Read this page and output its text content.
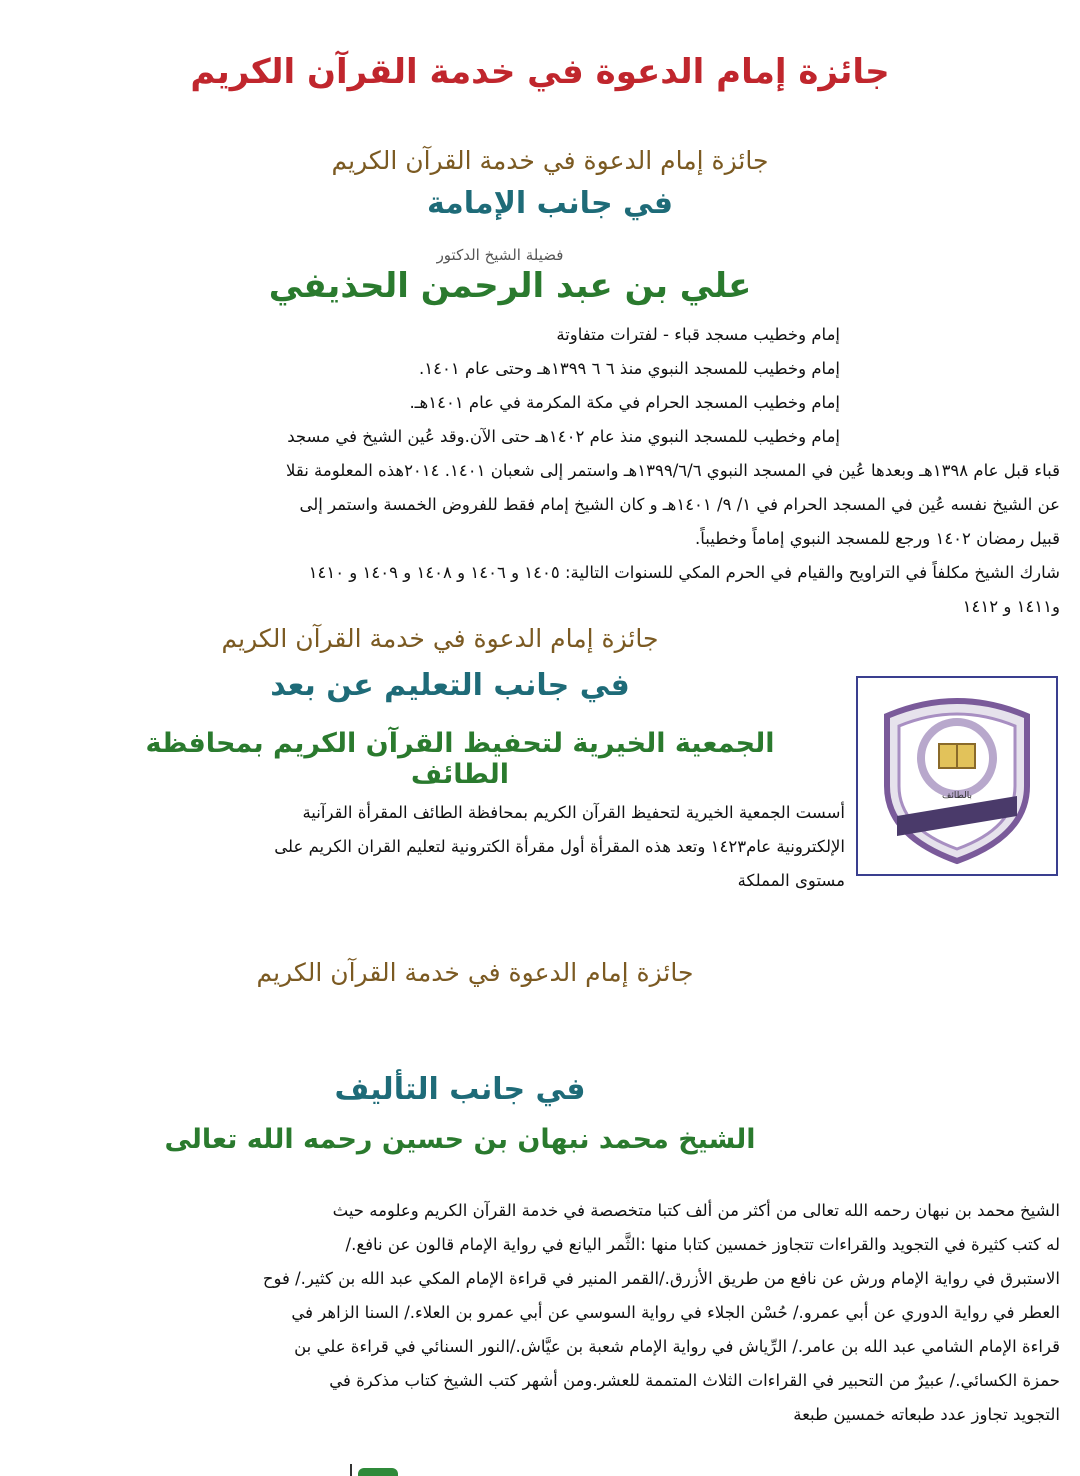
جائزة إمام الدعوة في خدمة القرآن الكريم
جائزة إمام الدعوة في خدمة القرآن الكريم
في جانب الإمامة
فضيلة الشيخ الدكتور
علي بن عبد الرحمن الحذيفي
إمام وخطيب مسجد قباء - لفترات متفاوتة
إمام وخطيب للمسجد النبوي منذ ٦ ٦ ١٣٩٩هـ وحتى عام ١٤٠١.
إمام وخطيب المسجد الحرام في مكة المكرمة في عام ١٤٠١هـ.
إمام وخطيب للمسجد النبوي منذ عام ١٤٠٢هـ حتى الآن.وقد عُين الشيخ في مسجد
قباء قبل عام ١٣٩٨هـ وبعدها عُين في المسجد النبوي ١٣٩٩/٦/٦هـ واستمر إلى شعبان ١٤٠١. ٢٠١٤هذه المعلومة نقلا
عن الشيخ نفسه عُين في المسجد الحرام في ١/ ٩/ ١٤٠١هـ و كان الشيخ إمام فقط للفروض الخمسة واستمر إلى
قبيل رمضان ١٤٠٢ ورجع للمسجد النبوي إماماً وخطيباً.
شارك الشيخ مكلفاً في التراويح والقيام في الحرم المكي للسنوات التالية: ١٤٠٥ و ١٤٠٦ و ١٤٠٨ و ١٤٠٩ و ١٤١٠
و١٤١١ و ١٤١٢
جائزة إمام الدعوة في خدمة القرآن الكريم
في جانب التعليم عن بعد
الجمعية الخيرية لتحفيظ القرآن الكريم بمحافظة الطائف
بالطائف
أسست الجمعية الخيرية لتحفيظ القرآن الكريم بمحافظة الطائف المقرأة القرآنية
الإلكترونية عام١٤٢٣ وتعد هذه المقرأة أول مقرأة الكترونية لتعليم القران الكريم على
مستوى المملكة
جائزة إمام الدعوة في خدمة القرآن الكريم
في جانب التأليف
الشيخ محمد نبهان بن حسين رحمه الله تعالى
الشيخ محمد بن نبهان رحمه الله تعالى من أكثر من ألف كتبا متخصصة في خدمة القرآن الكريم وعلومه حيث
له كتب كثيرة في التجويد والقراءات تتجاوز خمسين كتابا منها :الثَّمر اليانع في رواية الإمام قالون عن نافع./
الاستبرق في رواية الإمام ورش عن نافع من طريق الأزرق./القمر المنير في قراءة الإمام المكي عبد الله بن كثير./ فوح
العطر في رواية الدوري عن أبي عمرو./ حُسْن الجلاء في رواية السوسي عن أبي عمرو بن العلاء./ السنا الزاهر في
قراءة الإمام الشامي عبد الله بن عامر./ الرِّياش في رواية الإمام شعبة بن عيَّاش./النور السنائي في قراءة علي بن
حمزة الكسائي./ عبيرٌ من التحبير في القراءات الثلاث المتممة للعشر.ومن أشهر كتب الشيخ كتاب مذكرة في
التجويد تجاوز عدد طبعاته خمسين طبعة
